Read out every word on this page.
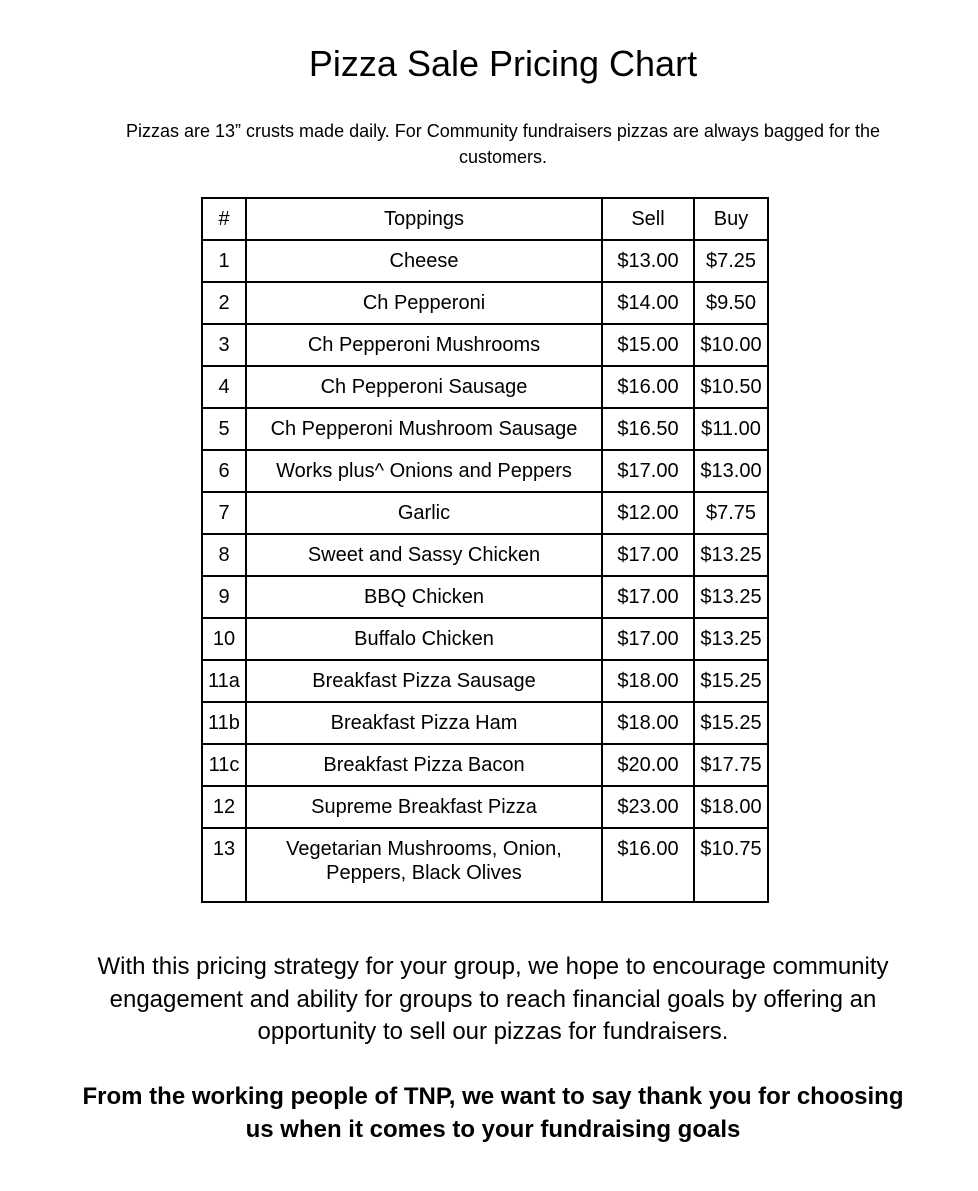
Pizza Sale Pricing Chart
Pizzas are 13” crusts made daily. For Community fundraisers pizzas are always bagged for the customers.
#	Toppings	Sell	Buy
1	Cheese	$13.00	$7.25
2	Ch Pepperoni	$14.00	$9.50
3	Ch Pepperoni Mushrooms	$15.00	$10.00
4	Ch Pepperoni Sausage	$16.00	$10.50
5	Ch Pepperoni Mushroom Sausage	$16.50	$11.00
6	Works plus^ Onions and Peppers	$17.00	$13.00
7	Garlic	$12.00	$7.75
8	Sweet and Sassy Chicken	$17.00	$13.25
9	BBQ Chicken	$17.00	$13.25
10	Buffalo Chicken	$17.00	$13.25
11a	Breakfast Pizza Sausage	$18.00	$15.25
11b	Breakfast Pizza Ham	$18.00	$15.25
11c	Breakfast Pizza Bacon	$20.00	$17.75
12	Supreme Breakfast Pizza	$23.00	$18.00
13	Vegetarian Mushrooms, Onion, Peppers, Black Olives	$16.00	$10.75
With this pricing strategy for your group, we hope to encourage community engagement and ability for groups to reach financial goals by offering an opportunity to sell our pizzas for fundraisers.
From the working people of TNP, we want to say thank you for choosing us when it comes to your fundraising goals
